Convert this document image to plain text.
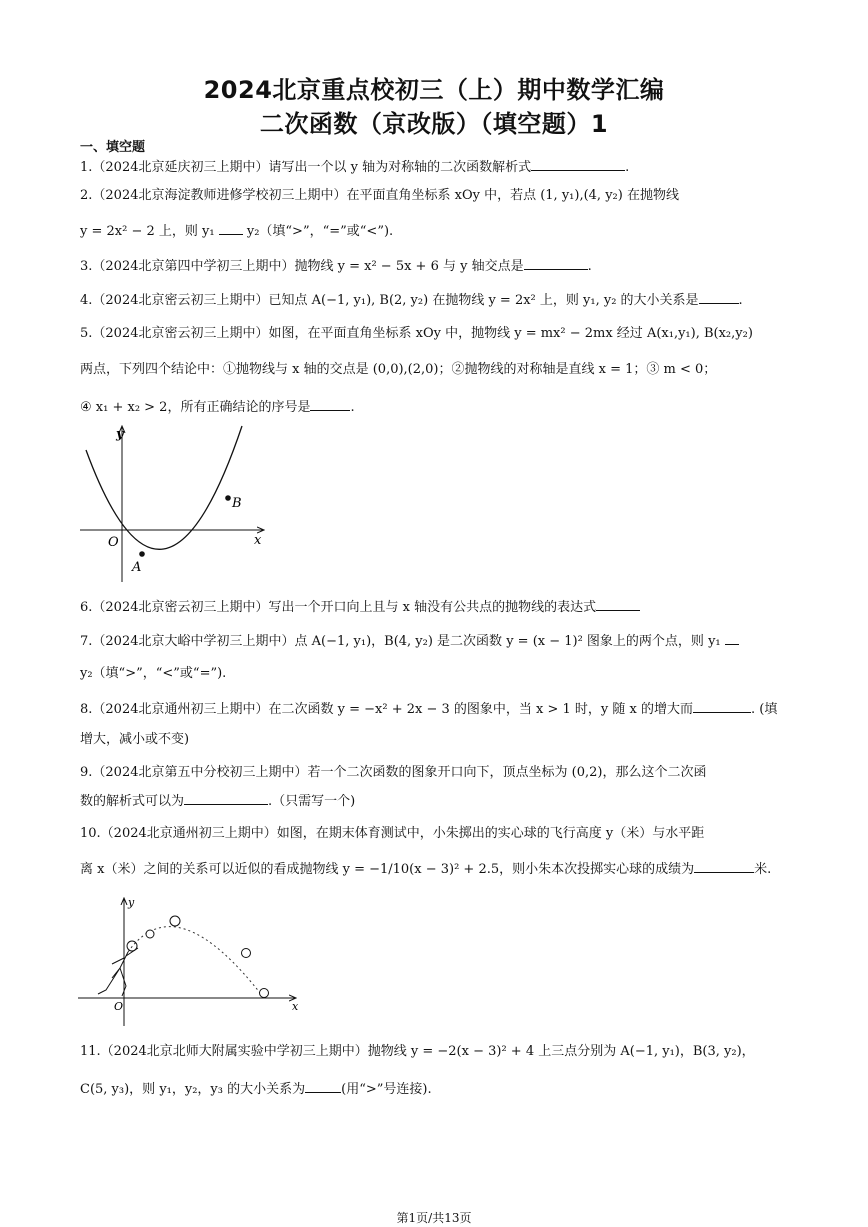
2024北京重点校初三（上）期中数学汇编
二次函数（京改版）（填空题）1
一、填空题
1.（2024北京延庆初三上期中）请写出一个以 y 轴为对称轴的二次函数解析式	.
2.（2024北京海淀教师进修学校初三上期中）在平面直角坐标系 xOy 中，若点 (1, y₁),(4, y₂) 在抛物线
y = 2x² − 2 上，则 y₁ y₂（填“>”，“=”或“<”).
3.（2024北京第四中学初三上期中）抛物线 y = x² − 5x + 6 与 y 轴交点是	.
4.（2024北京密云初三上期中）已知点 A(−1, y₁), B(2, y₂) 在抛物线 y = 2x² 上，则 y₁, y₂ 的大小关系是	.
5.（2024北京密云初三上期中）如图，在平面直角坐标系 xOy 中，抛物线 y = mx² − 2mx 经过 A(x₁,y₁), B(x₂,y₂)
两点，下列四个结论中：①抛物线与 x 轴的交点是 (0,0),(2,0)；②抛物线的对称轴是直线 x = 1；③ m < 0；
④ x₁ + x₂ > 2，所有正确结论的序号是	.
y
x
O
A
B
6.（2024北京密云初三上期中）写出一个开口向上且与 x 轴没有公共点的抛物线的表达式
7.（2024北京大峪中学初三上期中）点 A(−1, y₁)，B(4, y₂) 是二次函数 y = (x − 1)² 图象上的两个点，则 y₁
y₂（填“>”，“<”或“=”).
8.（2024北京通州初三上期中）在二次函数 y = −x² + 2x − 3 的图象中，当 x > 1 时，y 随 x 的增大而	. (填
增大，减小或不变)
9.（2024北京第五中分校初三上期中）若一个二次函数的图象开口向下，顶点坐标为 (0,2)，那么这个二次函
数的解析式可以为	.（只需写一个)
10.（2024北京通州初三上期中）如图，在期末体育测试中，小朱掷出的实心球的飞行高度 y（米）与水平距
离 x（米）之间的关系可以近似的看成抛物线 y = −1/10(x − 3)² + 2.5，则小朱本次投掷实心球的成绩为	米.
y
x
O
11.（2024北京北师大附属实验中学初三上期中）抛物线 y = −2(x − 3)² + 4 上三点分别为 A(−1, y₁)，B(3, y₂)，
C(5, y₃)，则 y₁，y₂，y₃ 的大小关系为	(用“>”号连接).
第1页/共13页
